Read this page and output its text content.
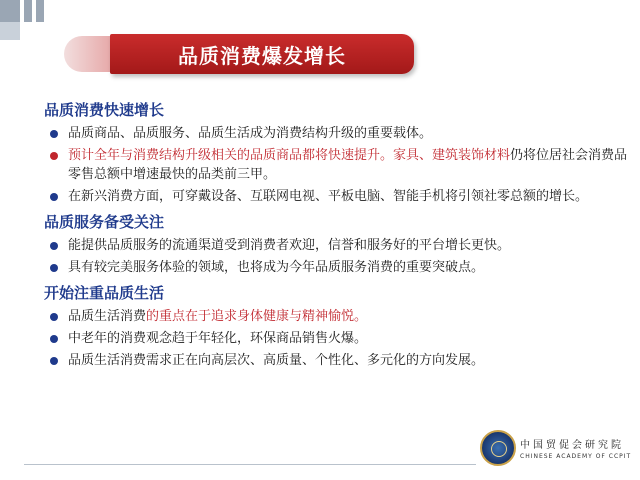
品质消费爆发增长
品质消费快速增长
品质商品、品质服务、品质生活成为消费结构升级的重要载体。
预计全年与消费结构升级相关的品质商品都将快速提升。家具、建筑装饰材料仍将位居社会消费品零售总额中增速最快的品类前三甲。
在新兴消费方面，可穿戴设备、互联网电视、平板电脑、智能手机将引领社零总额的增长。
品质服务备受关注
能提供品质服务的流通渠道受到消费者欢迎，信誉和服务好的平台增长更快。
具有较完美服务体验的领域，也将成为今年品质服务消费的重要突破点。
开始注重品质生活
品质生活消费的重点在于追求身体健康与精神愉悦。
中老年的消费观念趋于年轻化，环保商品销售火爆。
品质生活消费需求正在向高层次、高质量、个性化、多元化的方向发展。
中国贸促会研究院
CHINESE ACADEMY OF CCPIT
